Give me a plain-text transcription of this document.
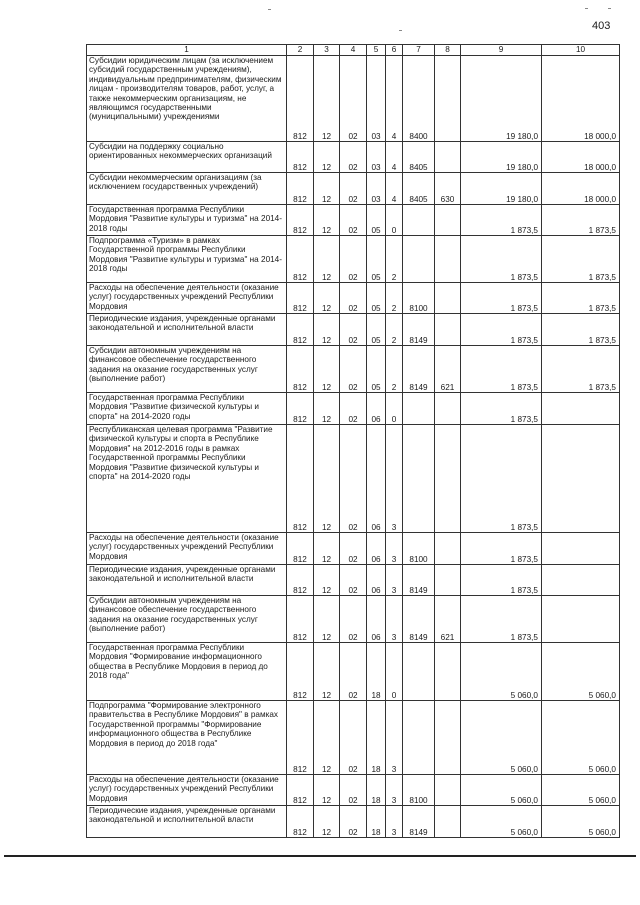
403
1	2	3	4	5	6	7	8	9	10
Субсидии юридическим лицам (за исключением субсидий государственным учреждениям), индивидуальным предпринимателям, физическим лицам - производителям товаров, работ, услуг, а также некоммерческим организациям, не являющимся государственными (муниципальными) учреждениями	812	12	02	03	4	8400		19 180,0	18 000,0
Субсидии на поддержку социально ориентированных некоммерческих организаций	812	12	02	03	4	8405		19 180,0	18 000,0
Субсидии некоммерческим организациям (за исключением государственных учреждений)	812	12	02	03	4	8405	630	19 180,0	18 000,0
Государственная программа Республики Мордовия "Развитие культуры и туризма" на 2014-2018 годы	812	12	02	05	0			1 873,5	1 873,5
Подпрограмма «Туризм» в рамках Государственной программы Республики Мордовия "Развитие культуры и туризма" на 2014-2018 годы	812	12	02	05	2			1 873,5	1 873,5
Расходы на обеспечение деятельности (оказание услуг) государственных учреждений Республики Мордовия	812	12	02	05	2	8100		1 873,5	1 873,5
Периодические издания, учрежденные органами законодательной и исполнительной власти	812	12	02	05	2	8149		1 873,5	1 873,5
Субсидии автономным учреждениям на финансовое обеспечение государственного задания на оказание государственных услуг (выполнение работ)	812	12	02	05	2	8149	621	1 873,5	1 873,5
Государственная программа Республики Мордовия "Развитие физической культуры и спорта" на 2014-2020 годы	812	12	02	06	0			1 873,5	
Республиканская целевая программа "Развитие физической культуры и спорта в Республике Мордовия" на 2012-2016 годы в рамках Государственной программы Республики Мордовия "Развитие физической культуры и спорта" на 2014-2020 годы	812	12	02	06	3			1 873,5	
Расходы на обеспечение деятельности (оказание услуг) государственных учреждений Республики Мордовия	812	12	02	06	3	8100		1 873,5	
Периодические издания, учрежденные органами законодательной и исполнительной власти	812	12	02	06	3	8149		1 873,5	
Субсидии автономным учреждениям на финансовое обеспечение государственного задания на оказание государственных услуг (выполнение работ)	812	12	02	06	3	8149	621	1 873,5	
Государственная программа Республики Мордовия "Формирование информационного общества в Республике Мордовия в период до 2018 года"	812	12	02	18	0			5 060,0	5 060,0
Подпрограмма "Формирование электронного правительства в Республике Мордовия" в рамках Государственной программы "Формирование информационного общества в Республике Мордовия в период до 2018 года"	812	12	02	18	3			5 060,0	5 060,0
Расходы на обеспечение деятельности (оказание услуг) государственных учреждений Республики Мордовия	812	12	02	18	3	8100		5 060,0	5 060,0
Периодические издания, учрежденные органами законодательной и исполнительной власти	812	12	02	18	3	8149		5 060,0	5 060,0
